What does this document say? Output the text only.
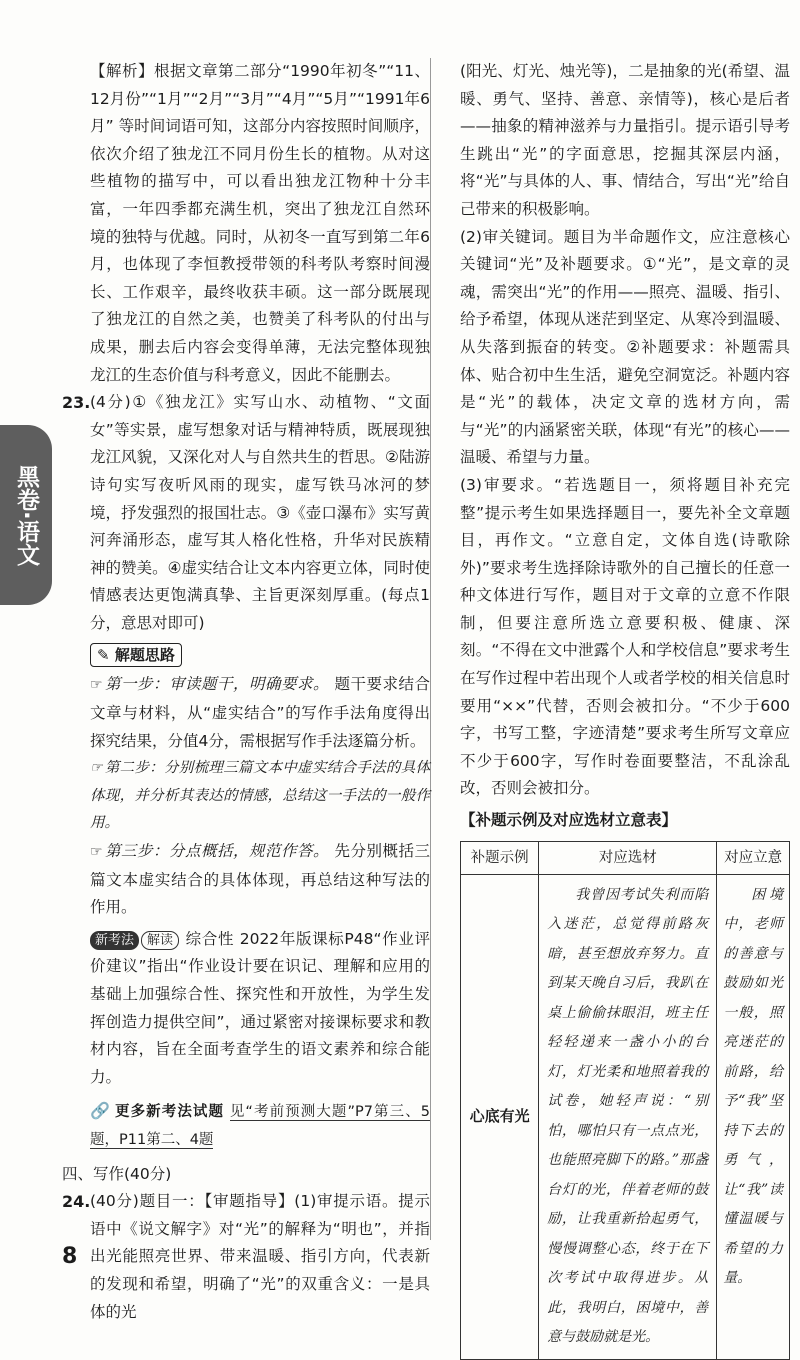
黑卷·语文

【解析】根据文章第二部分“1990年初冬”“11、12月份”“1月”“2月”“3月”“4月”“5月”“1991年6月” 等时间词语可知，这部分内容按照时间顺序，依次介绍了独龙江不同月份生长的植物。从对这些植物的描写中，可以看出独龙江物种十分丰富，一年四季都充满生机，突出了独龙江自然环境的独特与优越。同时，从初冬一直写到第二年6月，也体现了李恒教授带领的科考队考察时间漫长、工作艰辛，最终收获丰硕。这一部分既展现了独龙江的自然之美，也赞美了科考队的付出与成果，删去后内容会变得单薄，无法完整体现独龙江的生态价值与科考意义，因此不能删去。

23. (4分)①《独龙江》实写山水、动植物、“文面女”等实景，虚写想象对话与精神特质，既展现独龙江风貌，又深化对人与自然共生的哲思。②陆游诗句实写夜听风雨的现实，虚写铁马冰河的梦境，抒发强烈的报国壮志。③《壶口瀑布》实写黄河奔涌形态，虚写其人格化性格，升华对民族精神的赞美。④虚实结合让文本内容更立体，同时使情感表达更饱满真挚、主旨更深刻厚重。(每点1分，意思对即可)
✎ 解题思路

☞ 第一步：审读题干，明确要求。 题干要求结合文章与材料，从“虚实结合”的写作手法角度得出探究结果，分值4分，需根据写作手法逐篇分析。

☞ 第二步：分别梳理三篇文本中虚实结合手法的具体体现，并分析其表达的情感，总结这一手法的一般作用。

☞ 第三步：分点概括，规范作答。 先分别概括三篇文本虚实结合的具体体现，再总结这种写法的作用。

新考法 解读 综合性 2022年版课标P48“作业评价建议”指出“作业设计要在识记、理解和应用的基础上加强综合性、探究性和开放性，为学生发挥创造力提供空间”，通过紧密对接课标要求和教材内容，旨在全面考查学生的语文素养和综合能力。

🔗 更多新考法试题 见“考前预测大题”P7第三、5题，P11第二、4题

四、写作(40分)

24. (40分)题目一：【审题指导】(1)审提示语。提示语中《说文解字》对“光”的解释为“明也”，并指出光能照亮世界、带来温暖、指引方向，代表新的发现和希望，明确了“光”的双重含义：一是具体的光

(阳光、灯光、烛光等)，二是抽象的光(希望、温暖、勇气、坚持、善意、亲情等)，核心是后者——抽象的精神滋养与力量指引。提示语引导考生跳出“光”的字面意思，挖掘其深层内涵，将“光”与具体的人、事、情结合，写出“光”给自己带来的积极影响。

(2)审关键词。题目为半命题作文，应注意核心关键词“光”及补题要求。①“光”，是文章的灵魂，需突出“光”的作用——照亮、温暖、指引、给予希望，体现从迷茫到坚定、从寒冷到温暖、从失落到振奋的转变。②补题要求：补题需具体、贴合初中生生活，避免空洞宽泛。补题内容是“光”的载体，决定文章的选材方向，需与“光”的内涵紧密关联，体现“有光”的核心——温暖、希望与力量。

(3)审要求。“若选题目一，须将题目补充完整”提示考生如果选择题目一，要先补全文章题目，再作文。“立意自定，文体自选(诗歌除外)”要求考生选择除诗歌外的自己擅长的任意一种文体进行写作，题目对于文章的立意不作限制，但要注意所选立意要积极、健康、深刻。“不得在文中泄露个人和学校信息”要求考生在写作过程中若出现个人或者学校的相关信息时要用“××”代替，否则会被扣分。“不少于600字，书写工整，字迹清楚”要求考生所写文章应不少于600字，写作时卷面要整洁，不乱涂乱改，否则会被扣分。

【补题示例及对应选材立意表】

补题示例	对应选材	对应立意
心底有光	我曾因考试失利而陷入迷茫，总觉得前路灰暗，甚至想放弃努力。直到某天晚自习后，我趴在桌上偷偷抹眼泪，班主任轻轻递来一盏小小的台灯，灯光柔和地照着我的试卷，她轻声说：“别怕，哪怕只有一点点光，也能照亮脚下的路。”那盏台灯的光，伴着老师的鼓励，让我重新拾起勇气，慢慢调整心态，终于在下次考试中取得进步。从此，我明白，困境中，善意与鼓励就是光。	困境中，老师的善意与鼓励如光一般，照亮迷茫的前路，给予“我”坚持下去的勇气，让“我”读懂温暖与希望的力量。
8
